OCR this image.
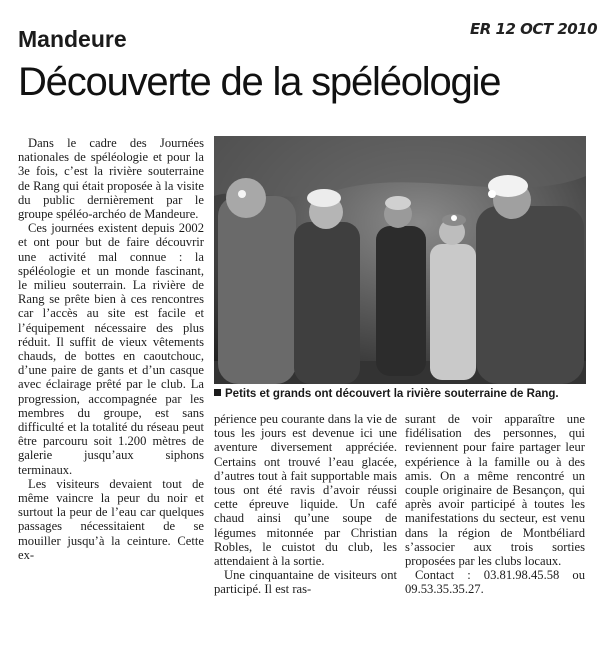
ER 12 OCT 2010
Mandeure
Découverte de la spéléologie

Dans le cadre des Journées nationales de spéléologie et pour la 3e fois, c’est la rivière souterraine de Rang qui était proposée à la visite du public dernièrement par le groupe spéléo-archéo de Mandeure.

Ces journées existent depuis 2002 et ont pour but de faire découvrir une activité mal connue : la spéléologie et un monde fascinant, le milieu souterrain. La rivière de Rang se prête bien à ces rencontres car l’accès au site est facile et l’équipement nécessaire des plus réduit. Il suffit de vieux vêtements chauds, de bottes en caoutchouc, d’une paire de gants et d’un casque avec éclairage prêté par le club. La progression, accompagnée par les membres du groupe, est sans difficulté et la totalité du réseau peut être parcouru soit 1.200 mètres de galerie jusqu’aux siphons terminaux.

Les visiteurs devaient tout de même vaincre la peur du noir et surtout la peur de l’eau car quelques passages nécessitaient de se mouiller jusqu’à la ceinture. Cette ex-

Petits et grands ont découvert la rivière souterraine de Rang.

périence peu courante dans la vie de tous les jours est devenue ici une aventure diversement appréciée. Certains ont trouvé l’eau glacée, d’autres tout à fait supportable mais tous ont été ravis d’avoir réussi cette épreuve liquide. Un café chaud ainsi qu’une soupe de légumes mitonnée par Christian Robles, le cuistot du club, les attendaient à la sortie.

Une cinquantaine de visiteurs ont participé. Il est ras-

surant de voir apparaître une fidélisation des personnes, qui reviennent pour faire partager leur expérience à la famille ou à des amis. On a même rencontré un couple originaire de Besançon, qui après avoir participé à toutes les manifestations du secteur, est venu dans la région de Montbéliard s’associer aux trois sorties proposées par les clubs locaux.

Contact : 03.81.98.45.58 ou 09.53.35.35.27.
